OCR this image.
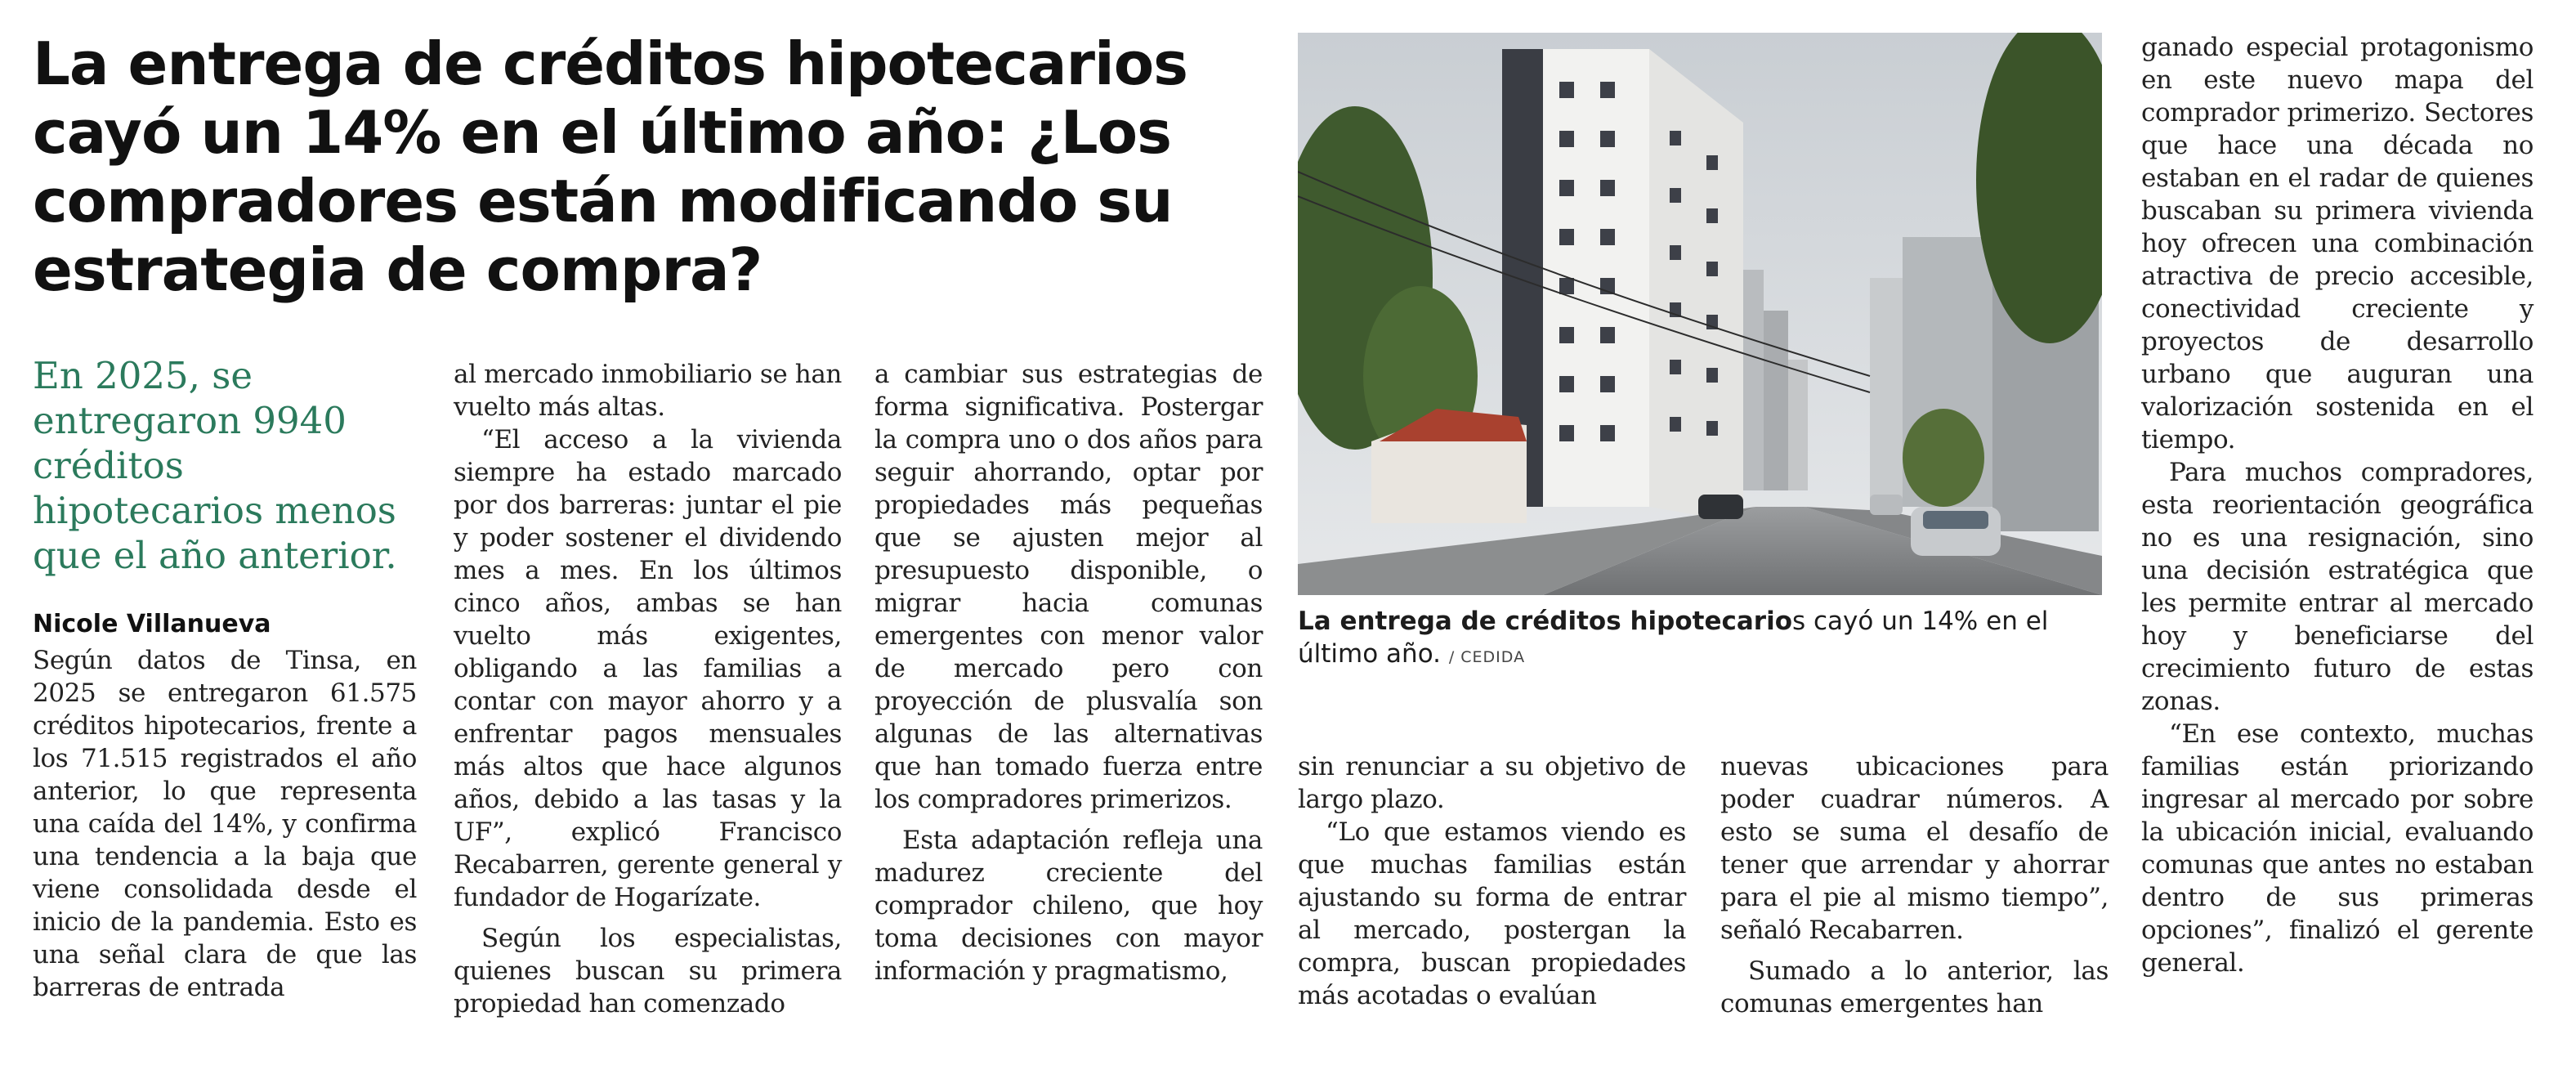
La entrega de créditos hipotecarios cayó un 14% en el último año: ¿Los compradores están modificando su estrategia de compra?
En 2025, se entregaron 9940 créditos hipotecarios menos que el año anterior.
Nicole Villanueva

Según datos de Tinsa, en 2025 se entregaron 61.575 créditos hipotecarios, frente a los 71.515 registrados el año anterior, lo que representa una caída del 14%, y confirma una tendencia a la baja que viene consolidada desde el inicio de la pandemia. Esto es una señal clara de que las barreras de entrada

al mercado inmobiliario se han vuelto más altas.

“El acceso a la vivienda siempre ha estado marcado por dos barreras: juntar el pie y poder sostener el dividendo mes a mes. En los últimos cinco años, ambas se han vuelto más exigentes, obligando a las familias a contar con mayor ahorro y a enfrentar pagos mensuales más altos que hace algunos años, debido a las tasas y la UF”, explicó Francisco Recabarren, gerente general y fundador de Hogarízate.

Según los especialistas, quienes buscan su primera propiedad han comenzado

a cambiar sus estrategias de forma significativa. Postergar la compra uno o dos años para seguir ahorrando, optar por propiedades más pequeñas que se ajusten mejor al presupuesto disponible, o migrar hacia comunas emergentes con menor valor de mercado pero con proyección de plusvalía son algunas de las alternativas que han tomado fuerza entre los compradores primerizos.

Esta adaptación refleja una madurez creciente del comprador chileno, que hoy toma decisiones con mayor información y pragmatismo,

La entrega de créditos hipotecarios cayó un 14% en el último año. / CEDIDA

sin renunciar a su objetivo de largo plazo.

“Lo que estamos viendo es que muchas familias están ajustando su forma de entrar al mercado, postergan la compra, buscan propiedades más acotadas o evalúan

nuevas ubicaciones para poder cuadrar números. A esto se suma el desafío de tener que arrendar y ahorrar para el pie al mismo tiempo”, señaló Recabarren.

Sumado a lo anterior, las comunas emergentes han

ganado especial protagonismo en este nuevo mapa del comprador primerizo. Sectores que hace una década no estaban en el radar de quienes buscaban su primera vivienda hoy ofrecen una combinación atractiva de precio accesible, conectividad creciente y proyectos de desarrollo urbano que auguran una valorización sostenida en el tiempo.

Para muchos compradores, esta reorientación geográfica no es una resignación, sino una decisión estratégica que les permite entrar al mercado hoy y beneficiarse del crecimiento futuro de estas zonas.

“En ese contexto, muchas familias están priorizando ingresar al mercado por sobre la ubicación inicial, evaluando comunas que antes no estaban dentro de sus primeras opciones”, finalizó el gerente general.
